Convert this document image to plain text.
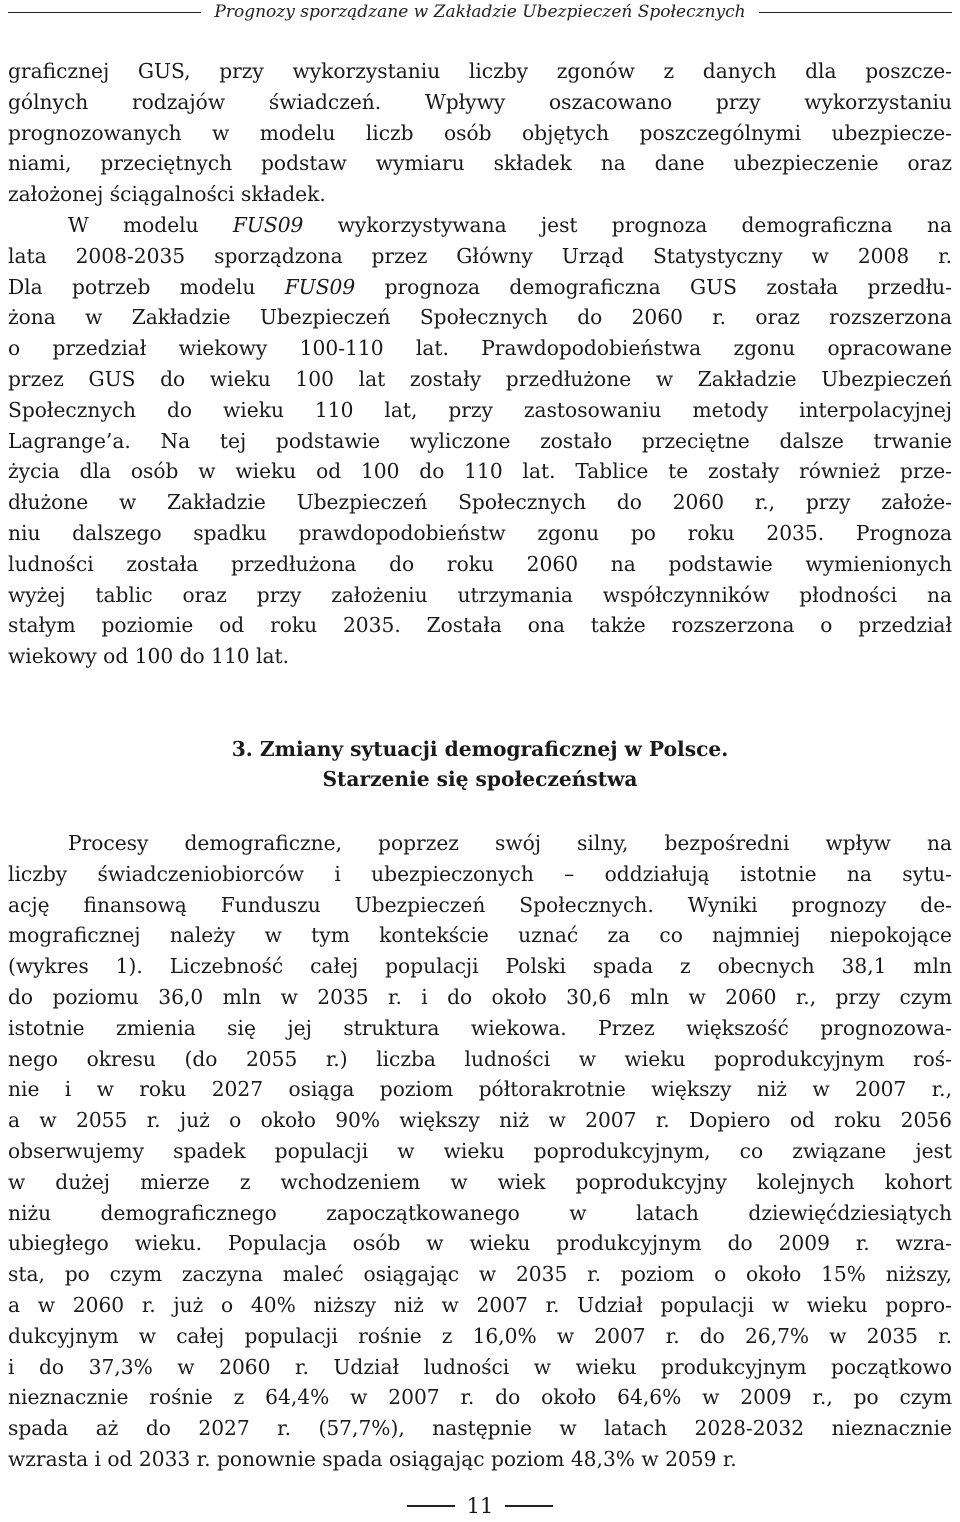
Prognozy sporządzane w Zakładzie Ubezpieczeń Społecznych

graficznej GUS, przy wykorzystaniu liczby zgonów z danych dla poszcze-
gólnych rodzajów świadczeń. Wpływy oszacowano przy wykorzystaniu
prognozowanych w modelu liczb osób objętych poszczególnymi ubezpiecze-
niami, przeciętnych podstaw wymiaru składek na dane ubezpieczenie oraz
założonej ściągalności składek.

W modelu FUS09 wykorzystywana jest prognoza demograficzna na
lata 2008-2035 sporządzona przez Główny Urząd Statystyczny w 2008 r.
Dla potrzeb modelu FUS09 prognoza demograficzna GUS została przedłu-
żona w Zakładzie Ubezpieczeń Społecznych do 2060 r. oraz rozszerzona
o przedział wiekowy 100-110 lat. Prawdopodobieństwa zgonu opracowane
przez GUS do wieku 100 lat zostały przedłużone w Zakładzie Ubezpieczeń
Społecznych do wieku 110 lat, przy zastosowaniu metody interpolacyjnej
Lagrange’a. Na tej podstawie wyliczone zostało przeciętne dalsze trwanie
życia dla osób w wieku od 100 do 110 lat. Tablice te zostały również prze-
dłużone w Zakładzie Ubezpieczeń Społecznych do 2060 r., przy założe-
niu dalszego spadku prawdopodobieństw zgonu po roku 2035. Prognoza
ludności została przedłużona do roku 2060 na podstawie wymienionych
wyżej tablic oraz przy założeniu utrzymania współczynników płodności na
stałym poziomie od roku 2035. Została ona także rozszerzona o przedział
wiekowy od 100 do 110 lat.

3. Zmiany sytuacji demograficznej w Polsce.
Starzenie się społeczeństwa

Procesy demograficzne, poprzez swój silny, bezpośredni wpływ na
liczby świadczeniobiorców i ubezpieczonych – oddziałują istotnie na sytu-
ację finansową Funduszu Ubezpieczeń Społecznych. Wyniki prognozy de-
mograficznej należy w tym kontekście uznać za co najmniej niepokojące
(wykres 1). Liczebność całej populacji Polski spada z obecnych 38,1 mln
do poziomu 36,0 mln w 2035 r. i do około 30,6 mln w 2060 r., przy czym
istotnie zmienia się jej struktura wiekowa. Przez większość prognozowa-
nego okresu (do 2055 r.) liczba ludności w wieku poprodukcyjnym roś-
nie i w roku 2027 osiąga poziom półtorakrotnie większy niż w 2007 r.,
a w 2055 r. już o około 90% większy niż w 2007 r. Dopiero od roku 2056
obserwujemy spadek populacji w wieku poprodukcyjnym, co związane jest
w dużej mierze z wchodzeniem w wiek poprodukcyjny kolejnych kohort
niżu demograficznego zapoczątkowanego w latach dziewięćdziesiątych
ubiegłego wieku. Populacja osób w wieku produkcyjnym do 2009 r. wzra-
sta, po czym zaczyna maleć osiągając w 2035 r. poziom o około 15% niższy,
a w 2060 r. już o 40% niższy niż w 2007 r. Udział populacji w wieku popro-
dukcyjnym w całej populacji rośnie z 16,0% w 2007 r. do 26,7% w 2035 r.
i do 37,3% w 2060 r. Udział ludności w wieku produkcyjnym początkowo
nieznacznie rośnie z 64,4% w 2007 r. do około 64,6% w 2009 r., po czym
spada aż do 2027 r. (57,7%), następnie w latach 2028-2032 nieznacznie
wzrasta i od 2033 r. ponownie spada osiągając poziom 48,3% w 2059 r.

11
